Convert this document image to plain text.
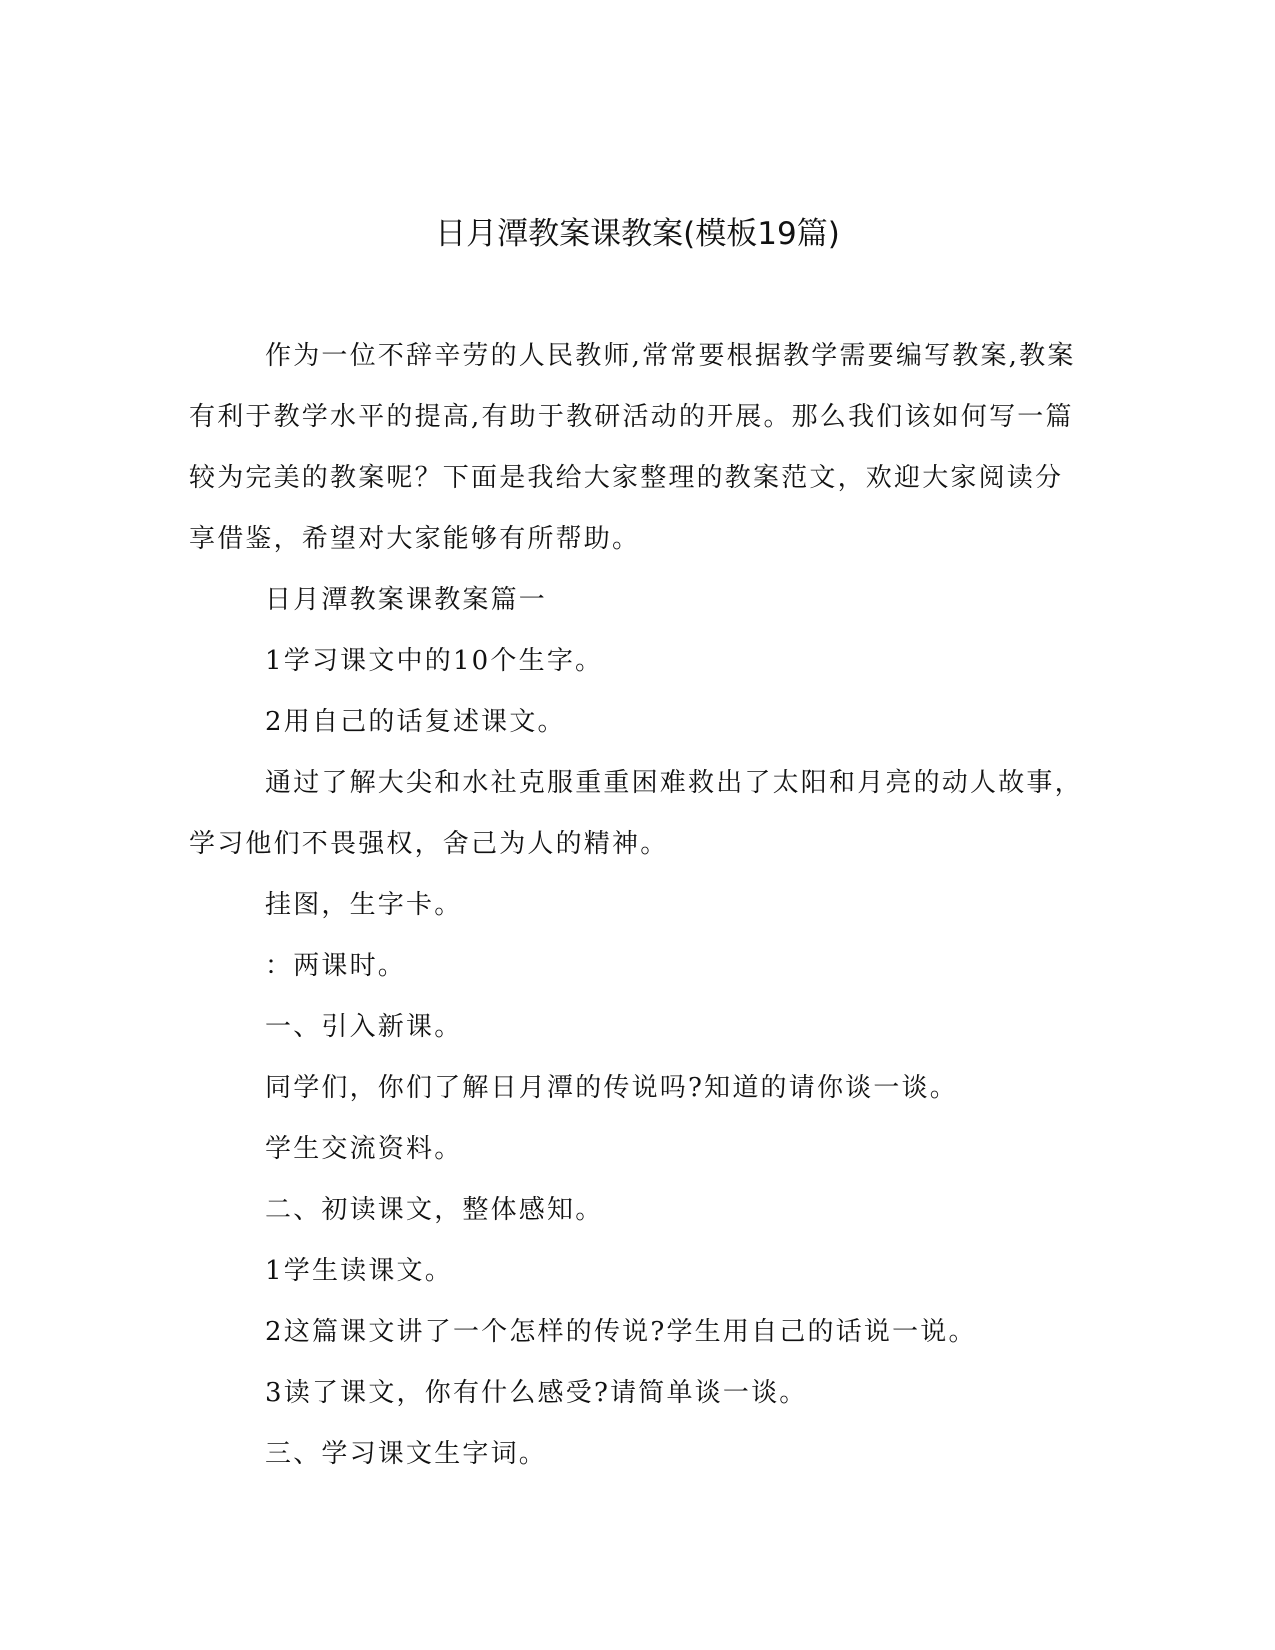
日月潭教案课教案(模板19篇)

作为一位不辞辛劳的人民教师,常常要根据教学需要编写教案,教案有利于教学水平的提高,有助于教研活动的开展。那么我们该如何写一篇较为完美的教案呢？下面是我给大家整理的教案范文，欢迎大家阅读分享借鉴，希望对大家能够有所帮助。

日月潭教案课教案篇一

1学习课文中的10个生字。

2用自己的话复述课文。

通过了解大尖和水社克服重重困难救出了太阳和月亮的动人故事，学习他们不畏强权，舍己为人的精神。

挂图，生字卡。

：两课时。

一、引入新课。

同学们，你们了解日月潭的传说吗?知道的请你谈一谈。

学生交流资料。

二、初读课文，整体感知。

1学生读课文。

2这篇课文讲了一个怎样的传说?学生用自己的话说一说。

3读了课文，你有什么感受?请简单谈一谈。

三、学习课文生字词。
